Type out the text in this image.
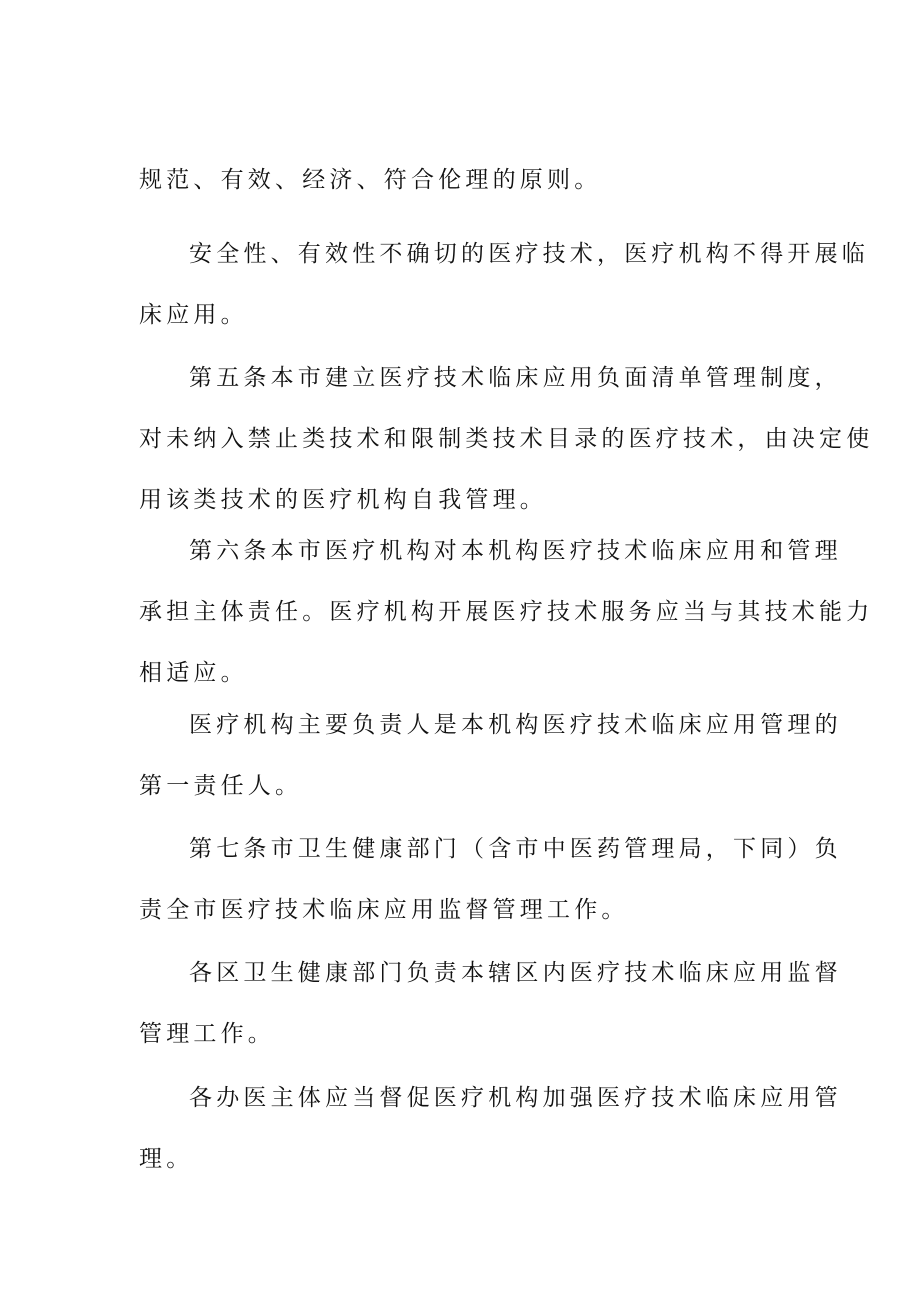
规范、有效、经济、符合伦理的原则。
安全性、有效性不确切的医疗技术，医疗机构不得开展临
床应用。
第五条本市建立医疗技术临床应用负面清单管理制度，
对未纳入禁止类技术和限制类技术目录的医疗技术，由决定使
用该类技术的医疗机构自我管理。
第六条本市医疗机构对本机构医疗技术临床应用和管理
承担主体责任。医疗机构开展医疗技术服务应当与其技术能力
相适应。
医疗机构主要负责人是本机构医疗技术临床应用管理的
第一责任人。
第七条市卫生健康部门（含市中医药管理局，下同）负
责全市医疗技术临床应用监督管理工作。
各区卫生健康部门负责本辖区内医疗技术临床应用监督
管理工作。
各办医主体应当督促医疗机构加强医疗技术临床应用管
理。
